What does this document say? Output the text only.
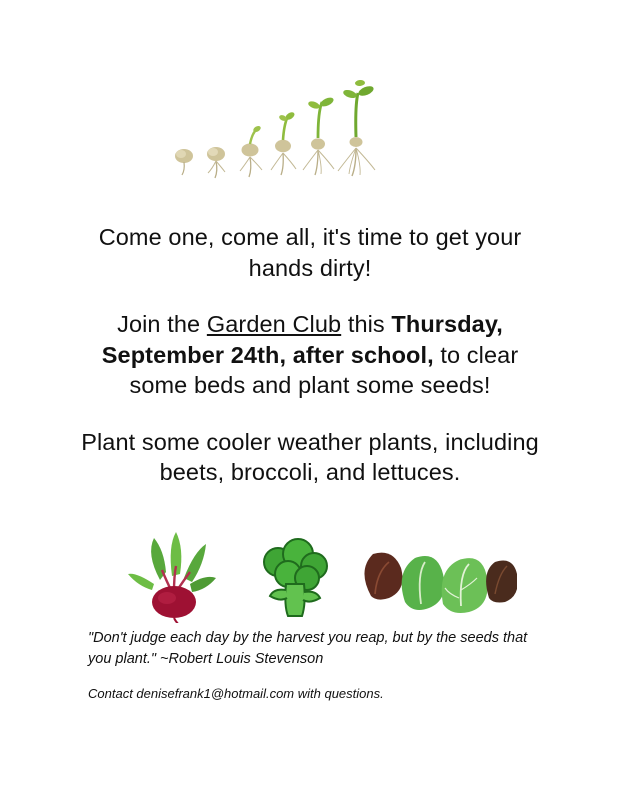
Come one, come all, it's time to get your hands dirty!

Join the Garden Club this Thursday, September 24th, after school, to clear some beds and plant some seeds!

Plant some cooler weather plants, including beets, broccoli, and lettuces.

"Don't judge each day by the harvest you reap, but by the seeds that you plant." ~Robert Louis Stevenson
Contact denisefrank1@hotmail.com with questions.
